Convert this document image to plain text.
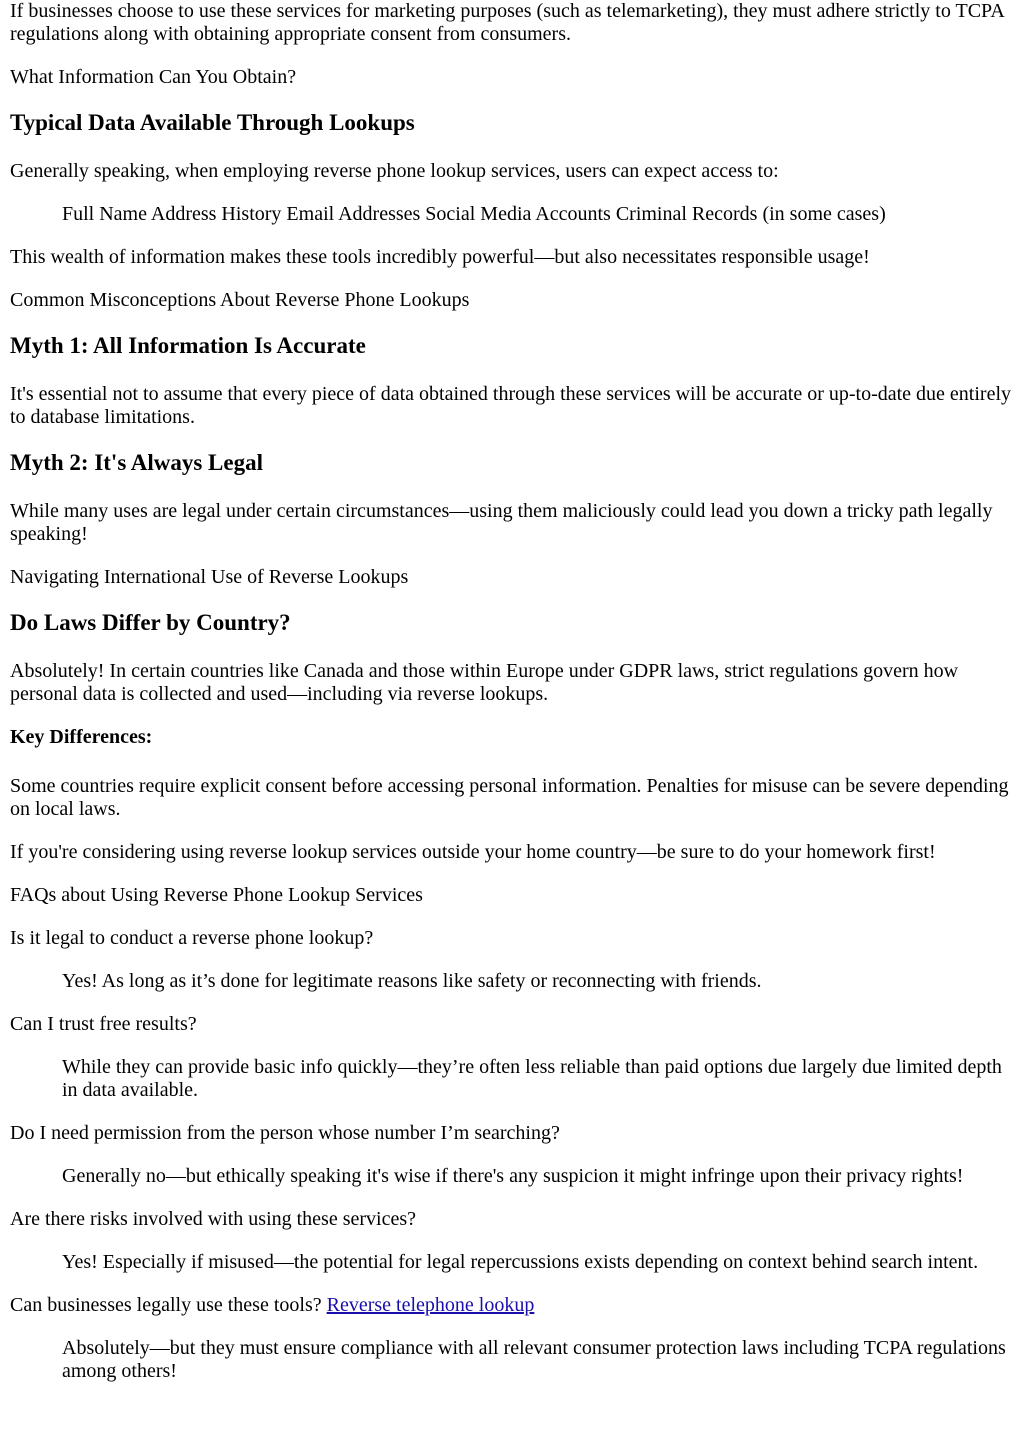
If businesses choose to use these services for marketing purposes (such as telemarketing), they must adhere strictly to TCPA regulations along with obtaining appropriate consent from consumers.

What Information Can You Obtain?

Typical Data Available Through Lookups

Generally speaking, when employing reverse phone lookup services, users can expect access to:

Full Name Address History Email Addresses Social Media Accounts Criminal Records (in some cases)

This wealth of information makes these tools incredibly powerful—but also necessitates responsible usage!

Common Misconceptions About Reverse Phone Lookups

Myth 1: All Information Is Accurate

It's essential not to assume that every piece of data obtained through these services will be accurate or up-to-date due entirely to database limitations.

Myth 2: It's Always Legal

While many uses are legal under certain circumstances—using them maliciously could lead you down a tricky path legally speaking!

Navigating International Use of Reverse Lookups

Do Laws Differ by Country?

Absolutely! In certain countries like Canada and those within Europe under GDPR laws, strict regulations govern how personal data is collected and used—including via reverse lookups.

Key Differences:

Some countries require explicit consent before accessing personal information. Penalties for misuse can be severe depending on local laws.

If you're considering using reverse lookup services outside your home country—be sure to do your homework first!

FAQs about Using Reverse Phone Lookup Services

Is it legal to conduct a reverse phone lookup?

Yes! As long as it’s done for legitimate reasons like safety or reconnecting with friends.

Can I trust free results?

While they can provide basic info quickly—they’re often less reliable than paid options due largely due limited depth in data available.

Do I need permission from the person whose number I’m searching?

Generally no—but ethically speaking it's wise if there's any suspicion it might infringe upon their privacy rights!

Are there risks involved with using these services?

Yes! Especially if misused—the potential for legal repercussions exists depending on context behind search intent.

Can businesses legally use these tools? Reverse telephone lookup

Absolutely—but they must ensure compliance with all relevant consumer protection laws including TCPA regulations among others!
